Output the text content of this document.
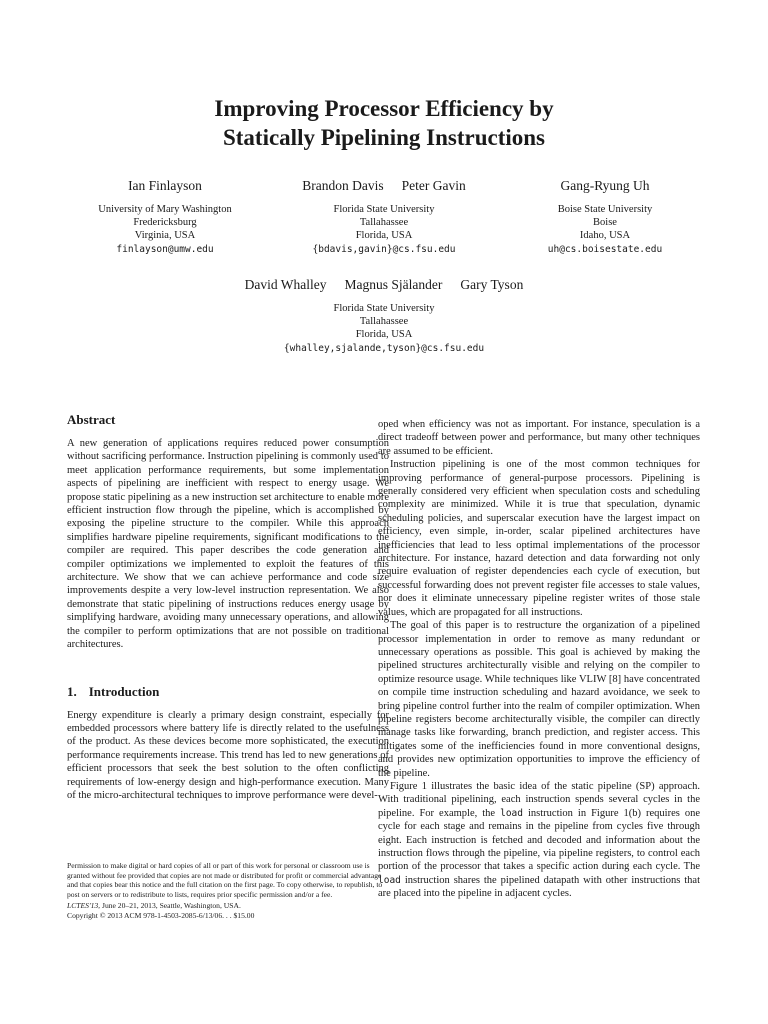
Improving Processor Efficiency by
Statically Pipelining Instructions
Ian Finlayson
University of Mary Washington
Fredericksburg
Virginia, USA
finlayson@umw.edu
Brandon Davis Peter Gavin
Florida State University
Tallahassee
Florida, USA
{bdavis,gavin}@cs.fsu.edu
Gang-Ryung Uh
Boise State University
Boise
Idaho, USA
uh@cs.boisestate.edu
David Whalley Magnus Själander Gary Tyson
Florida State University
Tallahassee
Florida, USA
{whalley,sjalande,tyson}@cs.fsu.edu
Abstract

A new generation of applications requires reduced power consumption without sacrificing performance. Instruction pipelining is commonly used to meet application performance requirements, but some implementation aspects of pipelining are inefficient with respect to energy usage. We propose static pipelining as a new instruction set architecture to enable more efficient instruction flow through the pipeline, which is accomplished by exposing the pipeline structure to the compiler. While this approach simplifies hardware pipeline requirements, significant modifications to the compiler are required. This paper describes the code generation and compiler optimizations we implemented to exploit the features of this architecture. We show that we can achieve performance and code size improvements despite a very low-level instruction representation. We also demonstrate that static pipelining of instructions reduces energy usage by simplifying hardware, avoiding many unnecessary operations, and allowing the compiler to perform optimizations that are not possible on traditional architectures.

1. Introduction

Energy expenditure is clearly a primary design constraint, especially for embedded processors where battery life is directly related to the usefulness of the product. As these devices become more sophisticated, the execution performance requirements increase. This trend has led to new generations of efficient processors that seek the best solution to the often conflicting requirements of low-energy design and high-performance execution. Many of the micro-architectural techniques to improve performance were devel-

Permission to make digital or hard copies of all or part of this work for personal or classroom use is granted without fee provided that copies are not made or distributed for profit or commercial advantage and that copies bear this notice and the full citation on the first page. To copy otherwise, to republish, to post on servers or to redistribute to lists, requires prior specific permission and/or a fee.

LCTES'13, June 20–21, 2013, Seattle, Washington, USA.

Copyright © 2013 ACM 978-1-4503-2085-6/13/06. . . $15.00

oped when efficiency was not as important. For instance, speculation is a direct tradeoff between power and performance, but many other techniques are assumed to be efficient.

Instruction pipelining is one of the most common techniques for improving performance of general-purpose processors. Pipelining is generally considered very efficient when speculation costs and scheduling complexity are minimized. While it is true that speculation, dynamic scheduling policies, and superscalar execution have the largest impact on efficiency, even simple, in-order, scalar pipelined architectures have inefficiencies that lead to less optimal implementations of the processor architecture. For instance, hazard detection and data forwarding not only require evaluation of register dependencies each cycle of execution, but successful forwarding does not prevent register file accesses to stale values, nor does it eliminate unnecessary pipeline register writes of those stale values, which are propagated for all instructions.

The goal of this paper is to restructure the organization of a pipelined processor implementation in order to remove as many redundant or unnecessary operations as possible. This goal is achieved by making the pipelined structures architecturally visible and relying on the compiler to optimize resource usage. While techniques like VLIW [8] have concentrated on compile time instruction scheduling and hazard avoidance, we seek to bring pipeline control further into the realm of compiler optimization. When pipeline registers become architecturally visible, the compiler can directly manage tasks like forwarding, branch prediction, and register access. This mitigates some of the inefficiencies found in more conventional designs, and provides new optimization opportunities to improve the efficiency of the pipeline.

Figure 1 illustrates the basic idea of the static pipeline (SP) approach. With traditional pipelining, each instruction spends several cycles in the pipeline. For example, the load instruction in Figure 1(b) requires one cycle for each stage and remains in the pipeline from cycles five through eight. Each instruction is fetched and decoded and information about the instruction flows through the pipeline, via pipeline registers, to control each portion of the processor that takes a specific action during each cycle. The load instruction shares the pipelined datapath with other instructions that are placed into the pipeline in adjacent cycles.
